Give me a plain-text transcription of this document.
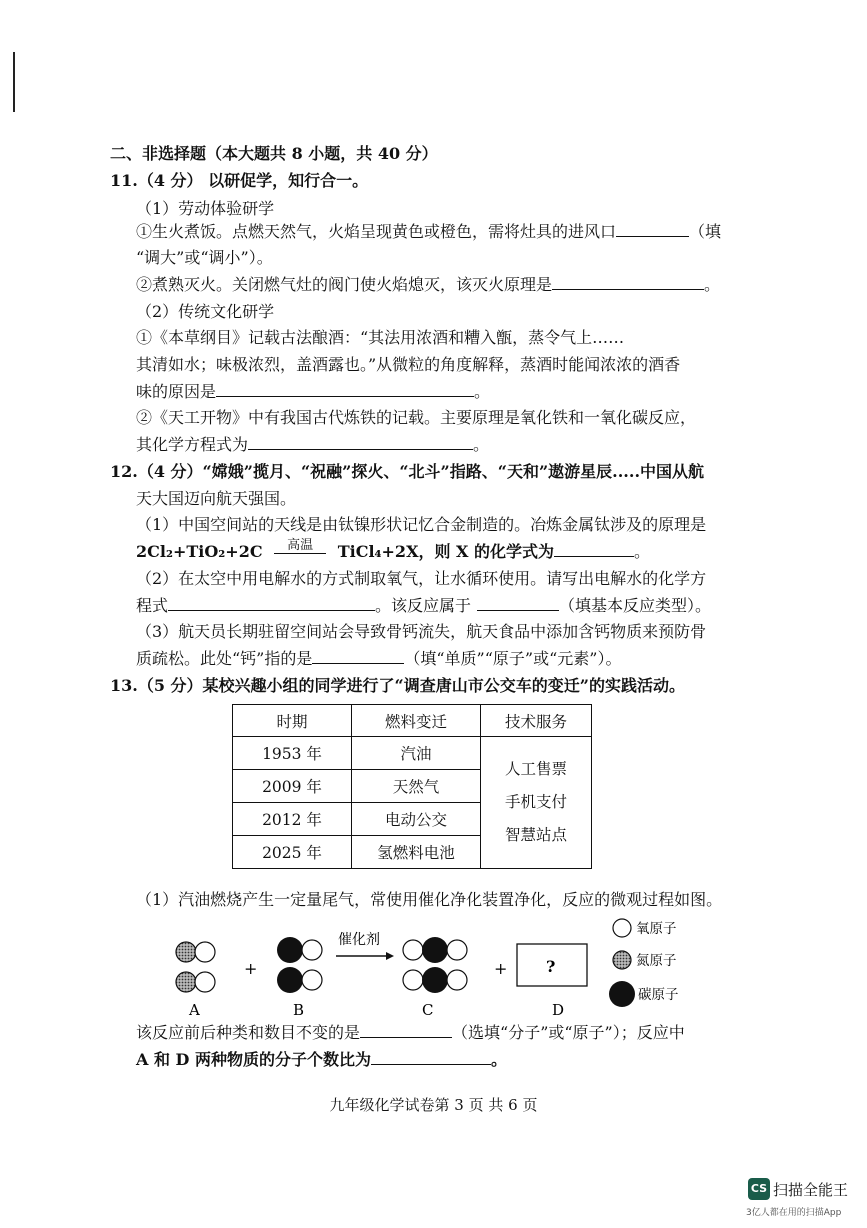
二、非选择题（本大题共 8 小题，共 40 分）
11.（4 分） 以研促学，知行合一。
（1）劳动体验研学
①生火煮饭。点燃天然气，火焰呈现黄色或橙色，需将灶具的进风口	（填
“调大”或“调小”）。
②煮熟灭火。关闭燃气灶的阀门使火焰熄灭，该灭火原理是	。
（2）传统文化研学
①《本草纲目》记载古法酿酒：“其法用浓酒和糟入甑，蒸令气上……
其清如水；味极浓烈，盖酒露也。”从微粒的角度解释，蒸酒时能闻浓浓的酒香
味的原因是	。
②《天工开物》中有我国古代炼铁的记载。主要原理是氧化铁和一氧化碳反应，
其化学方程式为	。
12.（4 分）“嫦娥”揽月、“祝融”探火、“北斗”指路、“天和”遨游星辰.....中国从航
天大国迈向航天强国。
（1）中国空间站的天线是由钛镍形状记忆合金制造的。冶炼金属钛涉及的原理是
2Cl₂+TiO₂+2C	高温	TiCl₄+2X，则 X 的化学式为	。
（2）在太空中用电解水的方式制取氧气，让水循环使用。请写出电解水的化学方
程式	。该反应属于	（填基本反应类型）。
（3）航天员长期驻留空间站会导致骨钙流失，航天食品中添加含钙物质来预防骨
质疏松。此处“钙”指的是	（填“单质”“原子”或“元素”）。
13.（5 分）某校兴趣小组的同学进行了“调查唐山市公交车的变迁”的实践活动。
时期	燃料变迁	技术服务
1953 年	汽油	人工售票
手机支付
智慧站点

2009 年	天然气	
2012 年	电动公交	
2025 年	氢燃料电池	
（1）汽油燃烧产生一定量尾气，常使用催化净化装置净化，反应的微观过程如图。
+
催化剂
+ ?
A	B	C	D
氧原子
氮原子
碳原子
该反应前后种类和数目不变的是	（选填“分子”或“原子”）；反应中
A 和 D 两种物质的分子个数比为	。
九年级化学试卷第 3 页 共 6 页
CS 扫描全能王
3亿人都在用的扫描App
